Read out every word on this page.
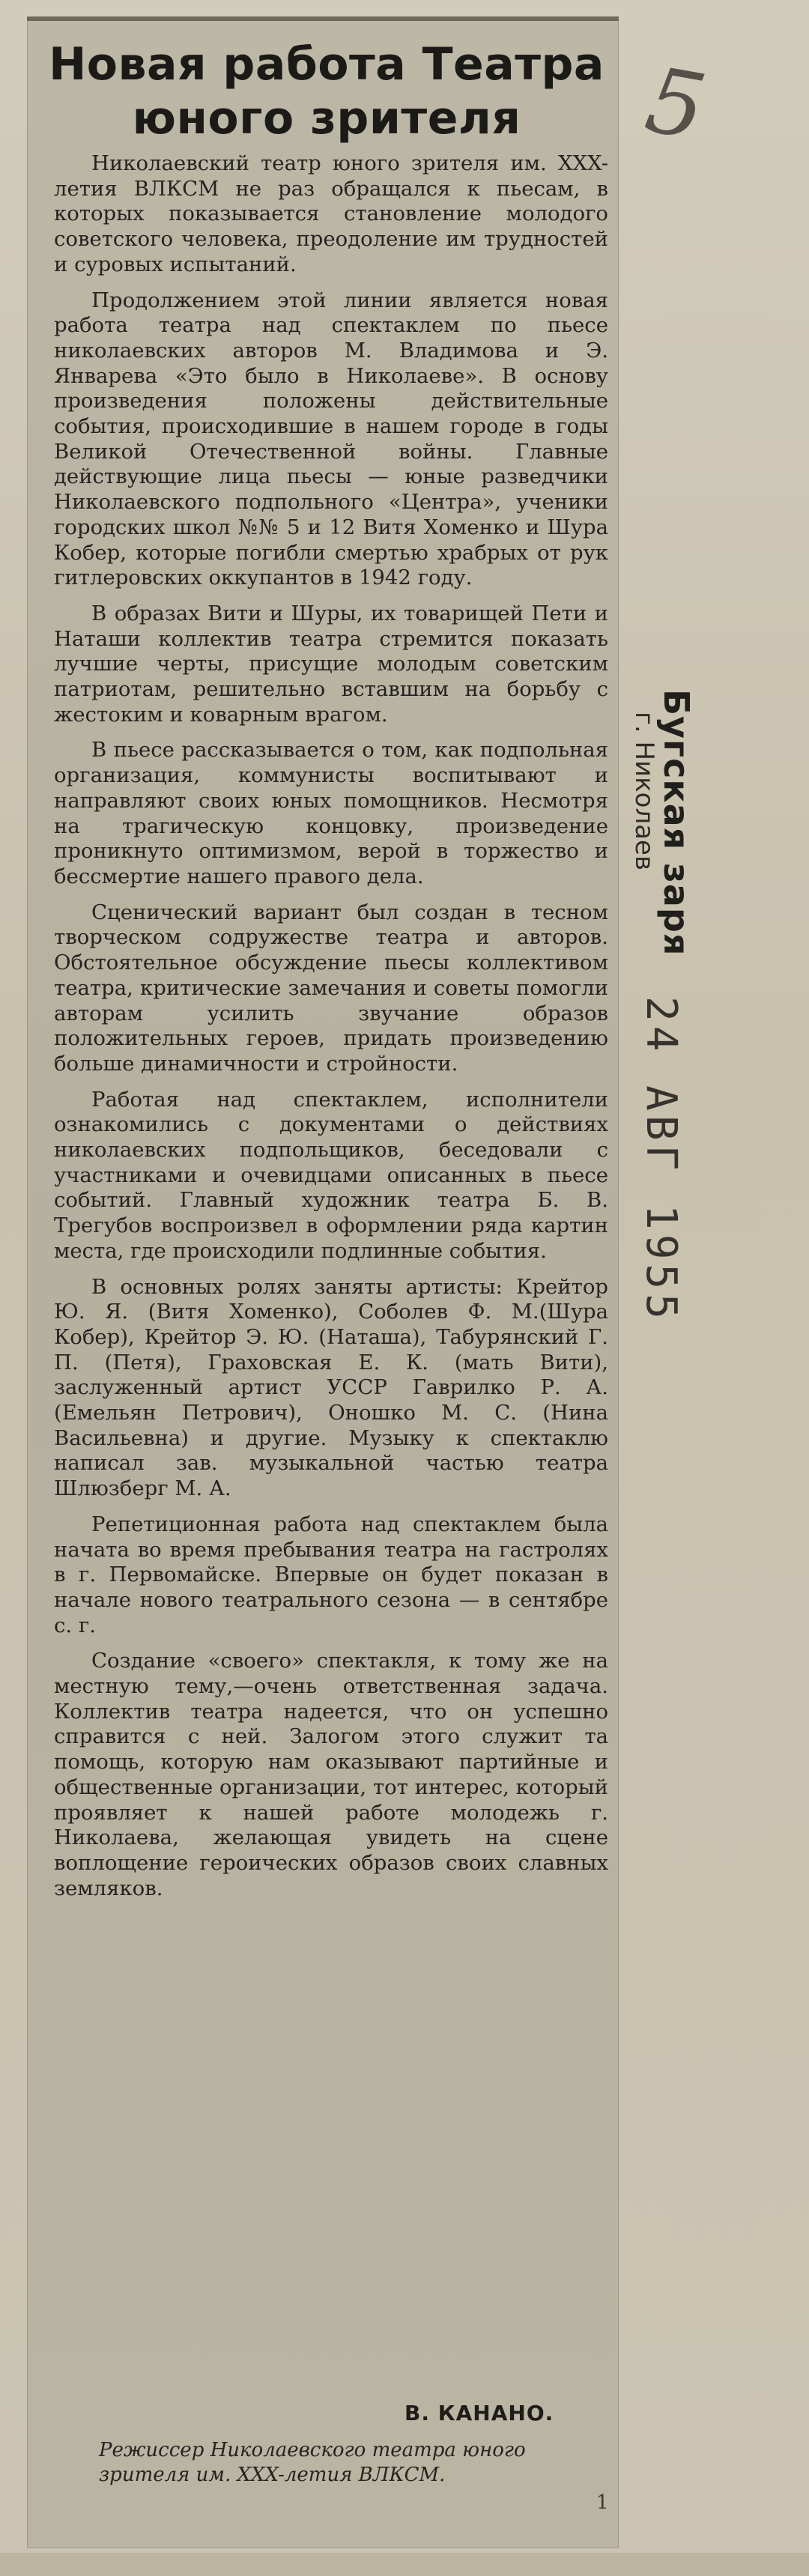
Новая работа Театра юного зрителя

Николаевский театр юного зрителя им. XXX-летия ВЛКСМ не раз обращался к пьесам, в которых показывается становление молодого советского человека, преодоление им трудностей и суровых испытаний.

Продолжением этой линии является новая работа театра над спектаклем по пьесе николаевских авторов М. Владимова и Э. Январева «Это было в Николаеве». В основу произведения положены действительные события, происходившие в нашем городе в годы Великой Отечественной войны. Главные действующие лица пьесы — юные разведчики Николаевского подпольного «Центра», ученики городских школ №№ 5 и 12 Витя Хоменко и Шура Кобер, которые погибли смертью храбрых от рук гитлеровских оккупантов в 1942 году.

В образах Вити и Шуры, их товарищей Пети и Наташи коллектив театра стремится показать лучшие черты, присущие молодым советским патриотам, решительно вставшим на борьбу с жестоким и коварным врагом.

В пьесе рассказывается о том, как подпольная организация, коммунисты воспитывают и направляют своих юных помощников. Несмотря на трагическую концовку, произведение проникнуто оптимизмом, верой в торжество и бессмертие нашего правого дела.

Сценический вариант был создан в тесном творческом содружестве театра и авторов. Обстоятельное обсуждение пьесы коллективом театра, критические замечания и советы помогли авторам усилить звучание образов положительных героев, придать произведению больше динамичности и стройности.

Работая над спектаклем, исполнители ознакомились с документами о действиях николаевских подпольщиков, беседовали с участниками и очевидцами описанных в пьесе событий. Главный художник театра Б. В. Трегубов воспроизвел в оформлении ряда картин места, где происходили подлинные события.

В основных ролях заняты артисты: Крейтор Ю. Я. (Витя Хоменко), Соболев Ф. М.(Шура Кобер), Крейтор Э. Ю. (Наташа), Табурянский Г. П. (Петя), Граховская Е. К. (мать Вити), заслуженный артист УССР Гаврилко Р. А. (Емельян Петрович), Оношко М. С. (Нина Васильевна) и другие. Музыку к спектаклю написал зав. музыкальной частью театра Шлюзберг М. А.

Репетиционная работа над спектаклем была начата во время пребывания театра на гастролях в г. Первомайске. Впервые он будет показан в начале нового театрального сезона — в сентябре с. г.

Создание «своего» спектакля, к тому же на местную тему,—очень ответственная задача. Коллектив театра надеется, что он успешно справится с ней. Залогом этого служит та помощь, которую нам оказывают партийные и общественные организации, тот интерес, который проявляет к нашей работе молодежь г. Николаева, желающая увидеть на сцене воплощение героических образов своих славных земляков.

В. КАНАНО.
Режиссер Николаевского театра юного зрителя им. XXX-летия ВЛКСМ.
1
5
Бугская заря
г. Николаев
24 АВГ 1955
